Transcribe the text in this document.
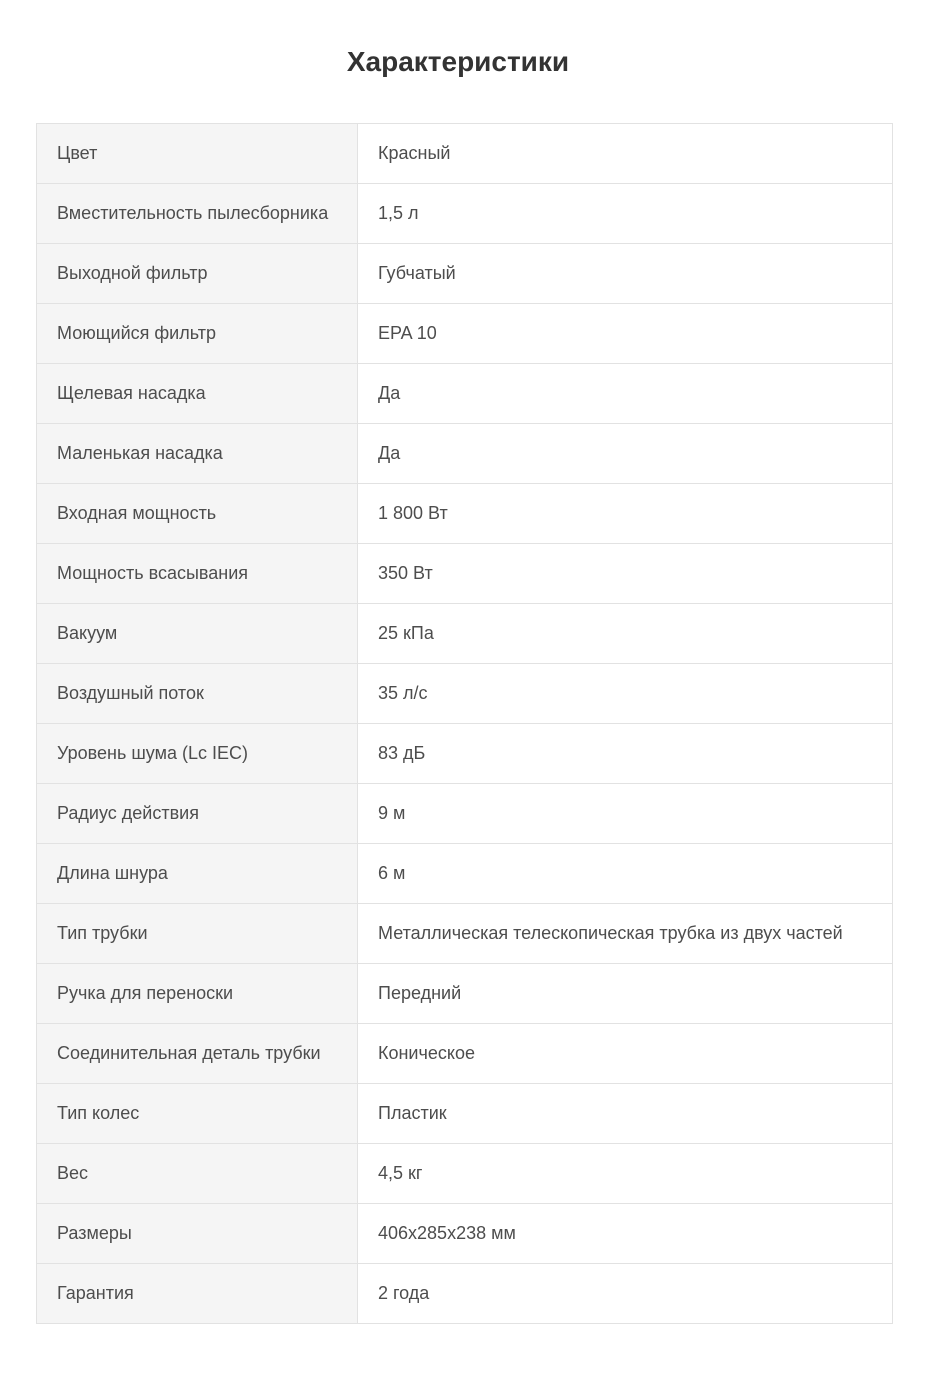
Характеристики
Цвет	Красный
Вместительность пылесборника	1,5 л
Выходной фильтр	Губчатый
Моющийся фильтр	EPA 10
Щелевая насадка	Да
Маленькая насадка	Да
Входная мощность	1 800 Вт
Мощность всасывания	350 Вт
Вакуум	25 кПа
Воздушный поток	35 л/с
Уровень шума (Lc IEC)	83 дБ
Радиус действия	9 м
Длина шнура	6 м
Тип трубки	Металлическая телескопическая трубка из двух частей
Ручка для переноски	Передний
Соединительная деталь трубки	Коническое
Тип колес	Пластик
Вес	4,5 кг
Размеры	406x285x238 мм
Гарантия	2 года
